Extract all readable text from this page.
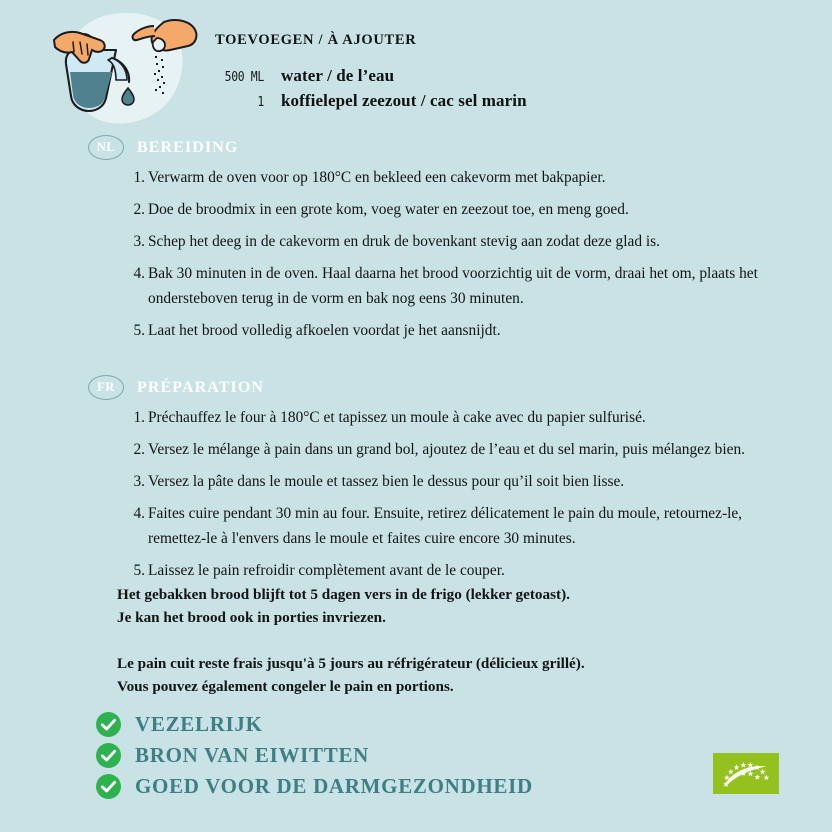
TOEVOEGEN / À AJOUTER
500 ML water / de l’eau
1 koffielepel zeezout / cac sel marin
NL	BEREIDING
1. Verwarm de oven voor op 180°C en bekleed een cakevorm met bakpapier.
2. Doe de broodmix in een grote kom, voeg water en zeezout toe, en meng goed.
3. Schep het deeg in de cakevorm en druk de bovenkant stevig aan zodat deze glad is.
4. Bak 30 minuten in de oven. Haal daarna het brood voorzichtig uit de vorm, draai het om, plaats het ondersteboven terug in de vorm en bak nog eens 30 minuten.
5. Laat het brood volledig afkoelen voordat je het aansnijdt.
FR	PRÉPARATION
1. Préchauffez le four à 180°C et tapissez un moule à cake avec du papier sulfurisé.
2. Versez le mélange à pain dans un grand bol, ajoutez de l’eau et du sel marin, puis mélangez bien.
3. Versez la pâte dans le moule et tassez bien le dessus pour qu’il soit bien lisse.
4. Faites cuire pendant 30 min au four. Ensuite, retirez délicatement le pain du moule, retournez-le, remettez-le à l'envers dans le moule et faites cuire encore 30 minutes.
5. Laissez le pain refroidir complètement avant de le couper.

Het gebakken brood blijft tot 5 dagen vers in de frigo (lekker getoast).

Je kan het brood ook in porties invriezen.

Le pain cuit reste frais jusqu'à 5 jours au réfrigérateur (délicieux grillé).

Vous pouvez également congeler le pain en portions.

VEZELRIJK
BRON VAN EIWITTEN
GOED VOOR DE DARMGEZONDHEID
